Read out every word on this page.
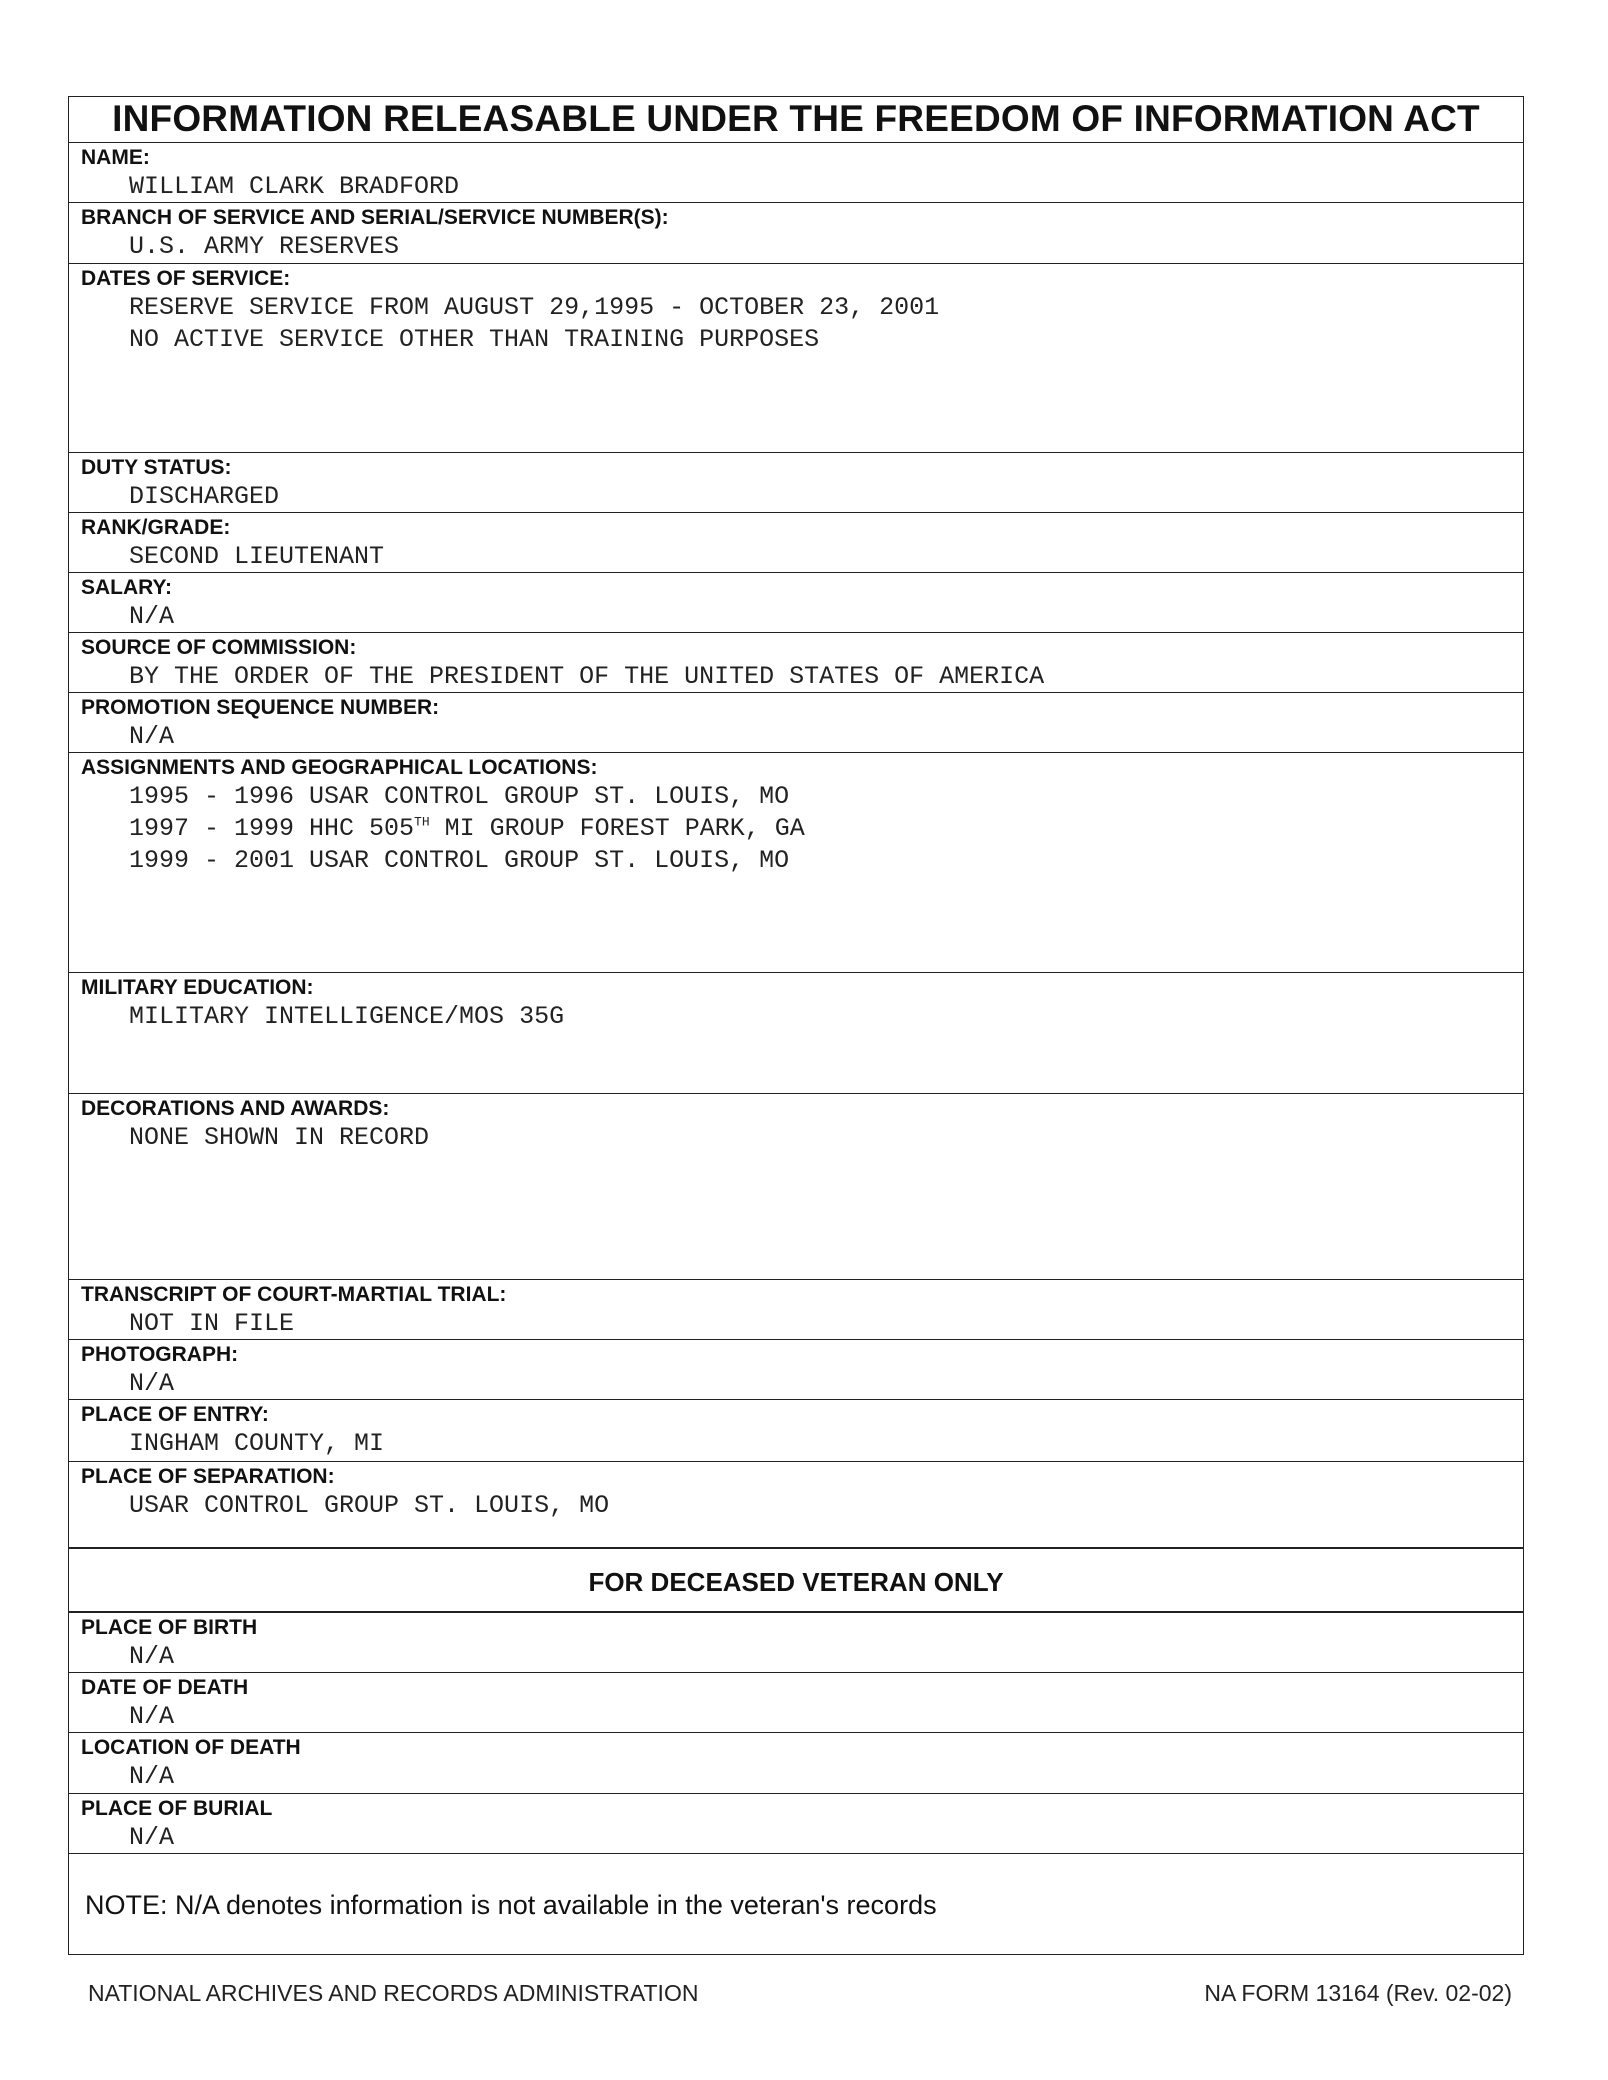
INFORMATION RELEASABLE UNDER THE FREEDOM OF INFORMATION ACT
NAME:
WILLIAM CLARK BRADFORD
BRANCH OF SERVICE AND SERIAL/SERVICE NUMBER(S):
U.S. ARMY RESERVES
DATES OF SERVICE:
RESERVE SERVICE FROM AUGUST 29,1995 - OCTOBER 23, 2001
NO ACTIVE SERVICE OTHER THAN TRAINING PURPOSES
DUTY STATUS:
DISCHARGED
RANK/GRADE:
SECOND LIEUTENANT
SALARY:
N/A
SOURCE OF COMMISSION:
BY THE ORDER OF THE PRESIDENT OF THE UNITED STATES OF AMERICA
PROMOTION SEQUENCE NUMBER:
N/A
ASSIGNMENTS AND GEOGRAPHICAL LOCATIONS:
1995 - 1996 USAR CONTROL GROUP ST. LOUIS, MO
1997 - 1999 HHC 505TH MI GROUP FOREST PARK, GA
1999 - 2001 USAR CONTROL GROUP ST. LOUIS, MO
MILITARY EDUCATION:
MILITARY INTELLIGENCE/MOS 35G
DECORATIONS AND AWARDS:
NONE SHOWN IN RECORD
TRANSCRIPT OF COURT-MARTIAL TRIAL:
NOT IN FILE
PHOTOGRAPH:
N/A
PLACE OF ENTRY:
INGHAM COUNTY, MI
PLACE OF SEPARATION:
USAR CONTROL GROUP ST. LOUIS, MO
FOR DECEASED VETERAN ONLY
PLACE OF BIRTH
N/A
DATE OF DEATH
N/A
LOCATION OF DEATH
N/A
PLACE OF BURIAL
N/A
NOTE: N/A denotes information is not available in the veteran's records
NATIONAL ARCHIVES AND RECORDS ADMINISTRATION	NA FORM 13164 (Rev. 02-02)
